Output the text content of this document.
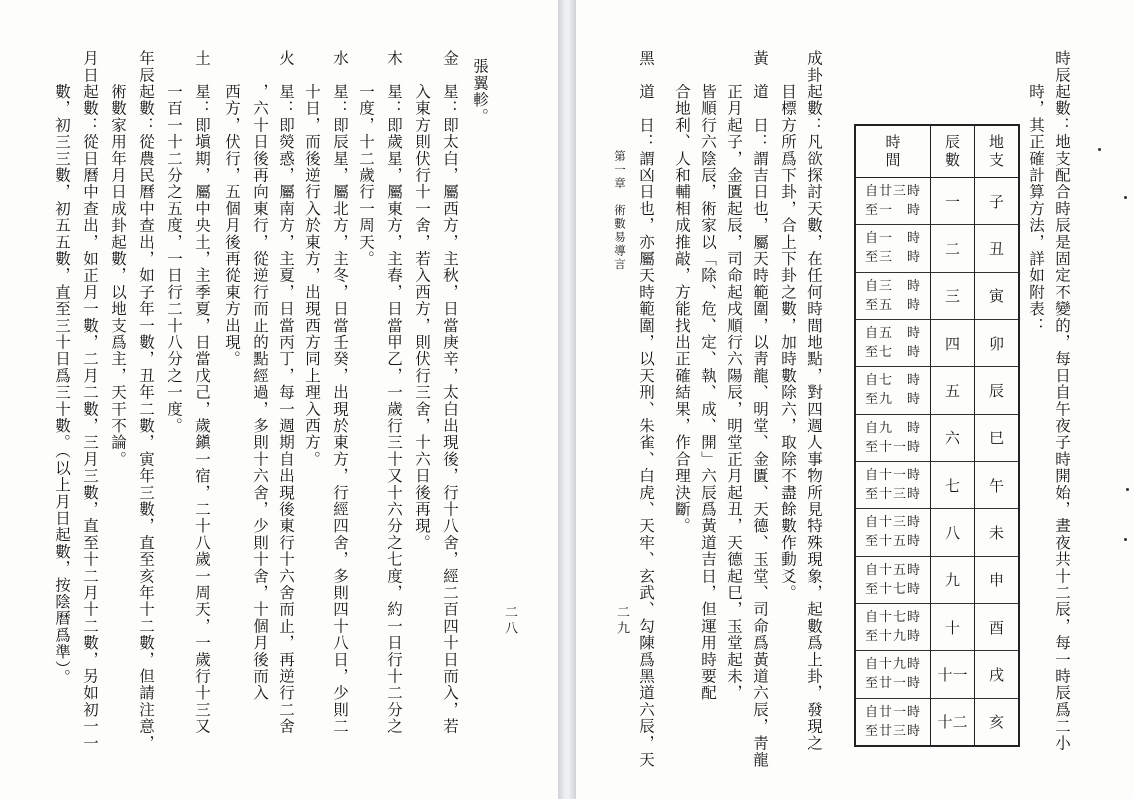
張翼軫。
金　星：即太白，屬西方，主秋，日當庚辛，太白出現後，行十八舍，經二百四十日而入，若
　　入東方則伏行十一舍，若入西方，則伏行三舍，十六日後再現。
木　星：即歲星，屬東方，主春，日當甲乙，一歲行三十又十六分之七度，約一日行十二分之
　　一度，十二歲行一周天。
水　星：即辰星，屬北方，主冬，日當壬癸，出現於東方，行經四舍，多則四十八日，少則二
　　十日，而後逆行入於東方，出現西方同上理入西方。
火　星：即熒惑，屬南方，主夏，日當丙丁，每一週期自出現後東行十六舍而止，再逆行二舍
　　，六十日後再向東行，從逆行而止的點經過，多則十六舍，少則十舍，十個月後而入
　　西方，伏行，五個月後再從東方出現。
土　星：即塡期，屬中央土，主季夏，日當戊己，歲鎭一宿，二十八歲一周天，一歲行十三又
　　一百一十二分之五度，一日行二十八分之一度。
年辰起數：從農民曆中查出，如子年一數，丑年二數，寅年三數，直至亥年十二數，但請注意，
　　術數家用年月日成卦起數，以地支爲主，天干不論。
月日起數：從日曆中查出，如正月一數，二月二數，三月三數，直至十二月十二數，另如初一一
　　數，初三三數，初五五數，直至三十日爲三十數。（以上月日起數，按陰曆爲準）。	二八	時辰起數：地支配合時辰是固定不變的，每日自午夜子時開始，晝夜共十二辰，每一時辰爲二小
　　時，其正確計算方法，詳如附表：
成卦起數：凡欲探討天數，在任何時間地點，對四週人事物所見特殊現象，起數爲上卦，發現之
　　目標方所爲下卦，合上下卦之數，加時數除六，取除不盡餘數作動爻。
黃　道　日：謂吉日也，屬天時範圍，以靑龍、明堂、金匱、天德、玉堂、司命爲黃道六辰，靑龍
　　正月起子，金匱起辰，司命起戌順行六陽辰，明堂正月起丑，天德起巳，玉堂起未，
　　皆順行六陰辰，術家以「除、危、定、執、成、開」六辰爲黃道吉日，但運用時要配
　　合地利、人和輔相成推敲，方能找出正確結果，作合理決斷。
黑　道　日：謂凶日也，亦屬天時範圍，以天刑、朱雀、白虎、天牢、玄武、勾陳爲黑道六辰，天
第一章　術數易導言
二九
時間
自廿三時
至一　時
自一　時
至三　時
自三　時
至五　時
自五　時
至七　時
自七　時
至九　時
自九　時
至十一時
自十一時
至十三時
自十三時
至十五時
自十五時
至十七時
自十七時
至十九時
自十九時
至廿一時
自廿一時
至廿三時
辰數
一
二
三
四
五
六
七
八
九
十
十一
十二
地支
子
丑
寅
卯
辰
巳
午
未
申
酉
戌
亥
